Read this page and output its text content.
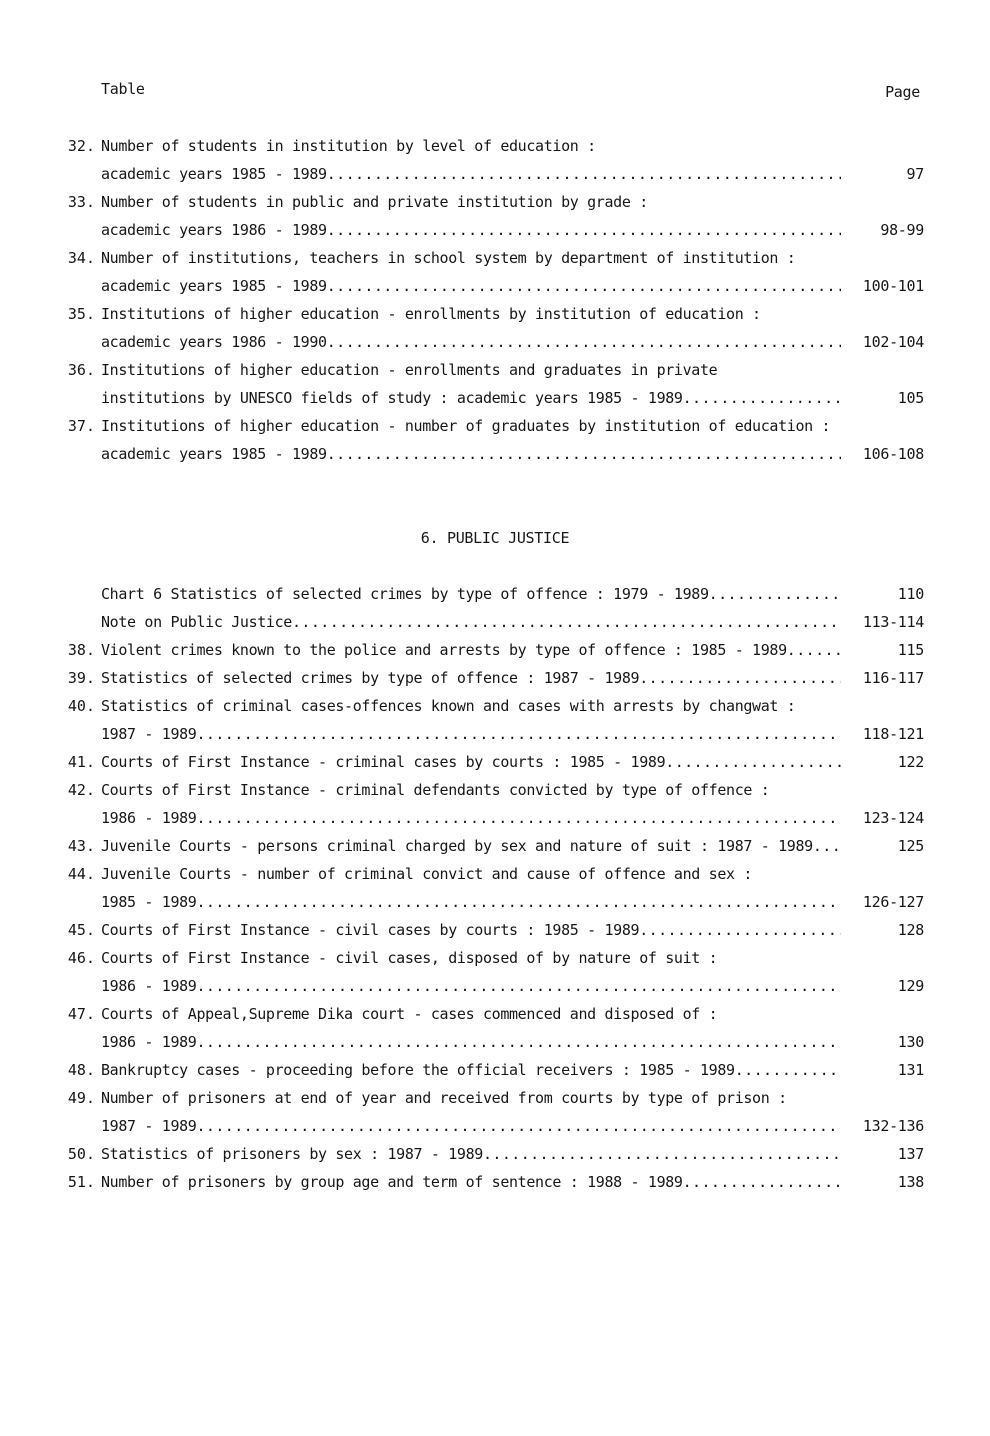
Table	Page
32. Number of students in institution by level of education :
academic years 1985 - 1989 .....	97
33. Number of students in public and private institution by grade :
academic years 1986 - 1989 .....	98-99
34. Number of institutions, teachers in school system by department of institution :
academic years 1985 - 1989 .....	100-101
35. Institutions of higher education - enrollments by institution of education :
academic years 1986 - 1990 .....	102-104
36. Institutions of higher education - enrollments and graduates in private
institutions by UNESCO fields of study : academic years 1985 - 1989 .....	105
37. Institutions of higher education - number of graduates by institution of education :
academic years 1985 - 1989 .....	106-108
6. PUBLIC JUSTICE
Chart 6 Statistics of selected crimes by type of offence : 1979 - 1989 .....	110
Note on Public Justice .....	113-114
38. Violent crimes known to the police and arrests by type of offence : 1985 - 1989 .....	115
39. Statistics of selected crimes by type of offence : 1987 - 1989 .....	116-117
40. Statistics of criminal cases-offences known and cases with arrests by changwat :
1987 - 1989 .....	118-121
41. Courts of First Instance - criminal cases by courts : 1985 - 1989 .....	122
42. Courts of First Instance - criminal defendants convicted by type of offence :
1986 - 1989 .....	123-124
43. Juvenile Courts - persons criminal charged by sex and nature of suit : 1987 - 1989 .....	125
44. Juvenile Courts - number of criminal convict and cause of offence and sex :
1985 - 1989 .....	126-127
45. Courts of First Instance - civil cases by courts : 1985 - 1989 .....	128
46. Courts of First Instance - civil cases, disposed of by nature of suit :
1986 - 1989 .....	129
47. Courts of Appeal,Supreme Dika court - cases commenced and disposed of :
1986 - 1989 .....	130
48. Bankruptcy cases - proceeding before the official receivers : 1985 - 1989 .....	131
49. Number of prisoners at end of year and received from courts by type of prison :
1987 - 1989 .....	132-136
50. Statistics of prisoners by sex : 1987 - 1989 .....	137
51. Number of prisoners by group age and term of sentence : 1988 - 1989 .....	138
